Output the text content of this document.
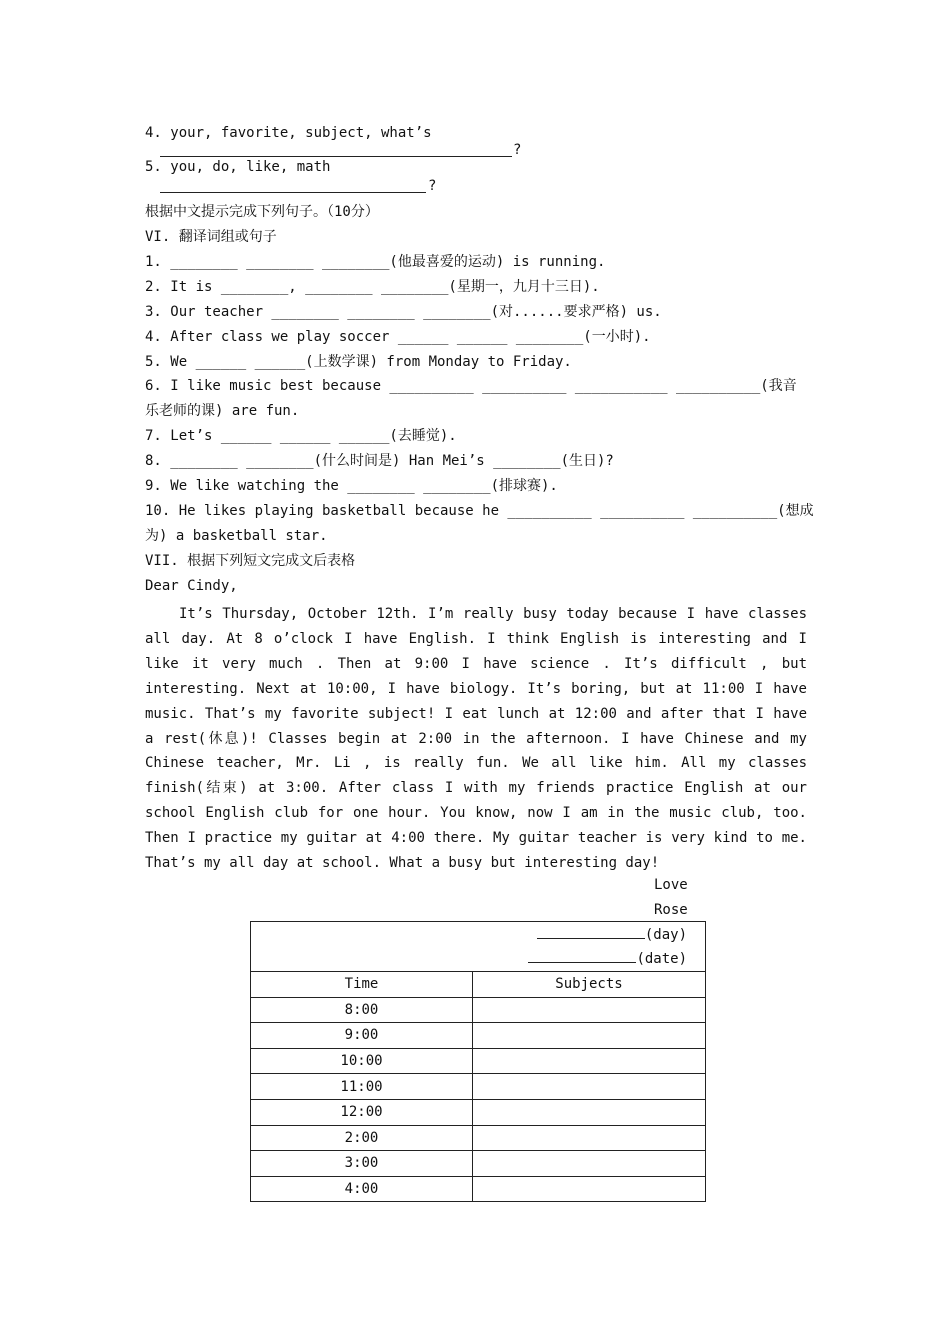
4. your, favorite, subject, what’s
?
5. you, do, like, math
?
根据中文提示完成下列句子。（10分）
VI. 翻译词组或句子
1. ________ ________ ________(他最喜爱的运动) is running.
2. It is ________, ________ ________(星期一，九月十三日).
3. Our teacher ________ ________ ________(对......要求严格) us.
4. After class we play soccer ______ ______ ________(一小时).
5. We ______ ______(上数学课) from Monday to Friday.
6. I like music best because __________ __________ ___________ __________(我音
乐老师的课) are fun.
7. Let’s ______ ______ ______(去睡觉).
8. ________ ________(什么时间是) Han Mei’s ________(生日)?
9. We like watching the ________ ________(排球赛).
10. He likes playing basketball because he __________ __________ __________(想成
为) a basketball star.
VII. 根据下列短文完成文后表格
Dear Cindy,
It’s Thursday, October 12th. I’m really busy today because I have classes all day. At 8 o’clock I have English. I think English is interesting and I like it very much . Then at 9:00 I have science . It’s difficult , but interesting. Next at 10:00, I have biology. It’s boring, but at 11:00 I have music. That’s my favorite subject! I eat lunch at 12:00 and after that I have a rest(休息)! Classes begin at 2:00 in the afternoon. I have Chinese and my Chinese teacher, Mr. Li , is really fun. We all like him. All my classes finish(结束) at 3:00. After class I with my friends practice English at our school English club for one hour. You know, now I am in the music club, too. Then I practice my guitar at 4:00 there. My guitar teacher is very kind to me. That’s my all day at school. What a busy but interesting day!
Love
Rose
(day)
(date)	

Time	Subjects
8:00	
9:00	
10:00	
11:00	
12:00	
2:00	
3:00	
4:00	
